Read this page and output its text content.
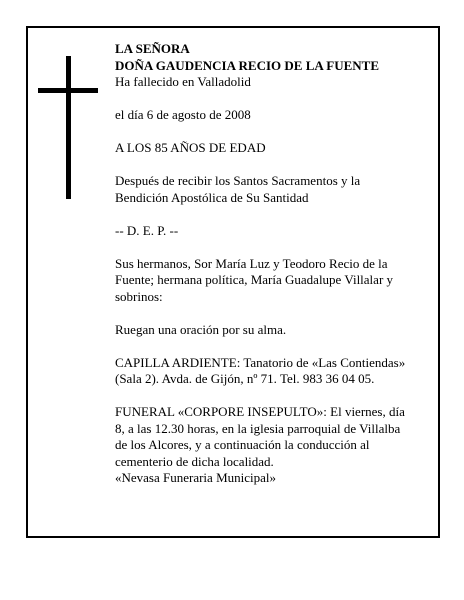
LA SEÑORA
DOÑA GAUDENCIA RECIO DE LA FUENTE
Ha fallecido en Valladolid
el día 6 de agosto de 2008
A LOS 85 AÑOS DE EDAD
Después de recibir los Santos Sacramentos y la
Bendición Apostólica de Su Santidad
-- D. E. P. --
Sus hermanos, Sor María Luz y Teodoro Recio de la
Fuente; hermana política, María Guadalupe Villalar y
sobrinos:
Ruegan una oración por su alma.
CAPILLA ARDIENTE: Tanatorio de «Las Contiendas»
(Sala 2). Avda. de Gijón, nº 71. Tel. 983 36 04 05.
FUNERAL «CORPORE INSEPULTO»: El viernes, día
8, a las 12.30 horas, en la iglesia parroquial de Villalba
de los Alcores, y a continuación la conducción al
cementerio de dicha localidad.
«Nevasa Funeraria Municipal»
